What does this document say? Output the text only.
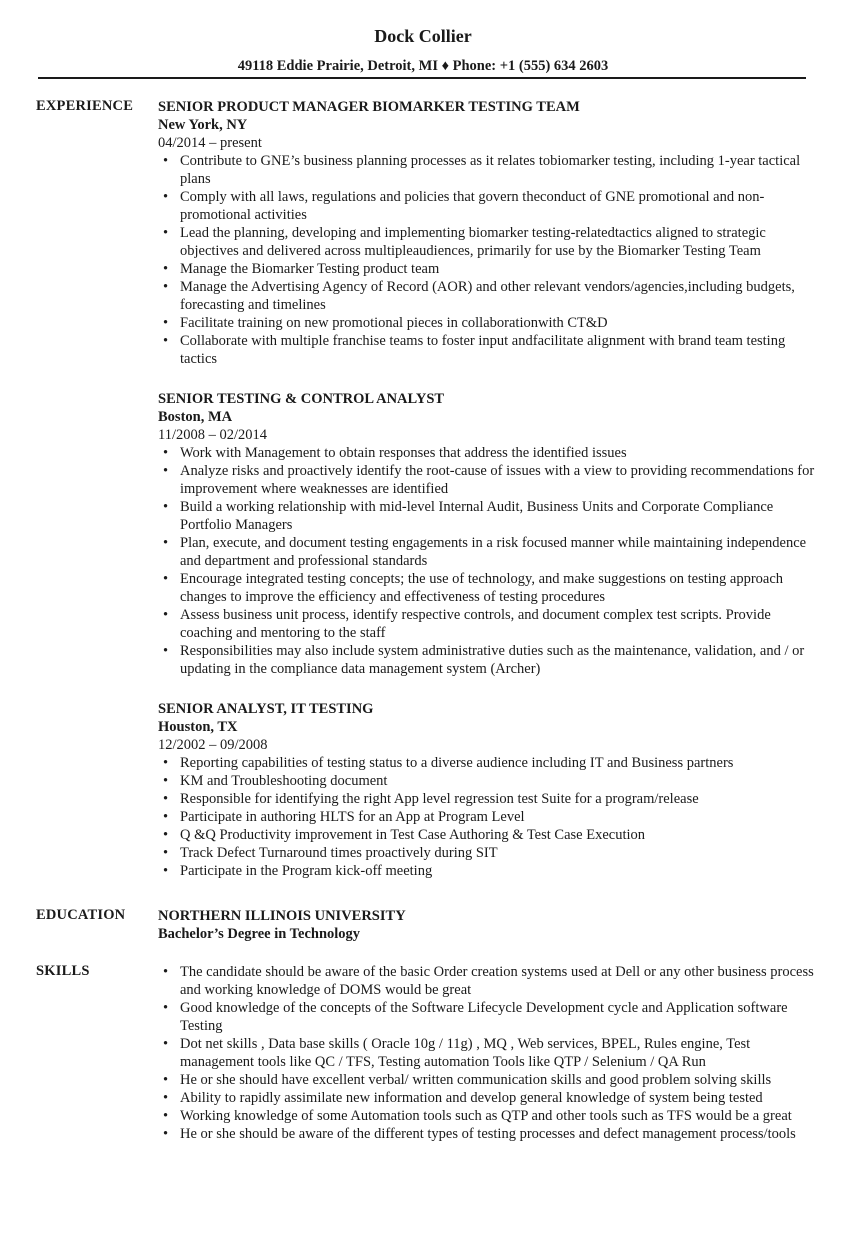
Dock Collier
49118 Eddie Prairie, Detroit, MI ♦ Phone: +1 (555) 634 2603
EXPERIENCE SENIOR PRODUCT MANAGER BIOMARKER TESTING TEAM
New York, NY
04/2014 – present
• Contribute to GNE’s business planning processes as it relates tobiomarker testing, including 1-year tactical plans
• Comply with all laws, regulations and policies that govern theconduct of GNE promotional and non-promotional activities
• Lead the planning, developing and implementing biomarker testing-relatedtactics aligned to strategic objectives and delivered across multipleaudiences, primarily for use by the Biomarker Testing Team
• Manage the Biomarker Testing product team
• Manage the Advertising Agency of Record (AOR) and other relevant vendors/agencies,including budgets, forecasting and timelines
• Facilitate training on new promotional pieces in collaborationwith CT&D
• Collaborate with multiple franchise teams to foster input andfacilitate alignment with brand team testing tactics
SENIOR TESTING & CONTROL ANALYST
Boston, MA
11/2008 – 02/2014
• Work with Management to obtain responses that address the identified issues
• Analyze risks and proactively identify the root-cause of issues with a view to providing recommendations for improvement where weaknesses are identified
• Build a working relationship with mid-level Internal Audit, Business Units and Corporate Compliance Portfolio Managers
• Plan, execute, and document testing engagements in a risk focused manner while maintaining independence and department and professional standards
• Encourage integrated testing concepts; the use of technology, and make suggestions on testing approach changes to improve the efficiency and effectiveness of testing procedures
• Assess business unit process, identify respective controls, and document complex test scripts. Provide coaching and mentoring to the staff
• Responsibilities may also include system administrative duties such as the maintenance, validation, and / or updating in the compliance data management system (Archer)
SENIOR ANALYST, IT TESTING
Houston, TX
12/2002 – 09/2008
• Reporting capabilities of testing status to a diverse audience including IT and Business partners
• KM and Troubleshooting document
• Responsible for identifying the right App level regression test Suite for a program/release
• Participate in authoring HLTS for an App at Program Level
• Q &Q Productivity improvement in Test Case Authoring & Test Case Execution
• Track Defect Turnaround times proactively during SIT
• Participate in the Program kick-off meeting
EDUCATION NORTHERN ILLINOIS UNIVERSITY
Bachelor’s Degree in Technology
SKILLS	• The candidate should be aware of the basic Order creation systems used at Dell or any other business process and working knowledge of DOMS would be great
• Good knowledge of the concepts of the Software Lifecycle Development cycle and Application software Testing
• Dot net skills , Data base skills ( Oracle 10g / 11g) , MQ , Web services, BPEL, Rules engine, Test management tools like QC / TFS, Testing automation Tools like QTP / Selenium / QA Run
• He or she should have excellent verbal/ written communication skills and good problem solving skills
• Ability to rapidly assimilate new information and develop general knowledge of system being tested
• Working knowledge of some Automation tools such as QTP and other tools such as TFS would be a great
• He or she should be aware of the different types of testing processes and defect management process/tools
